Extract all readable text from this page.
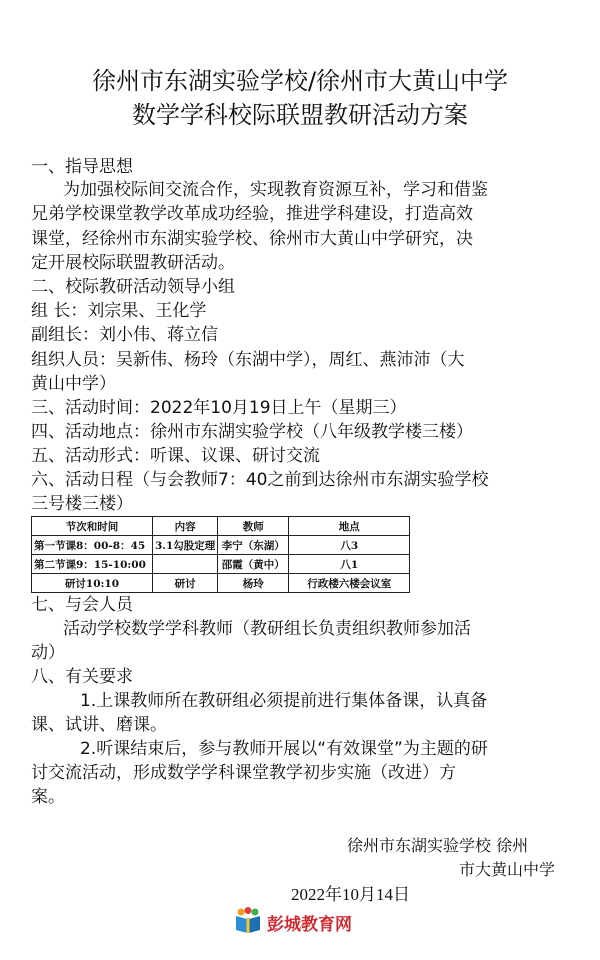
徐州市东湖实验学校/徐州市大黄山中学
数学学科校际联盟教研活动方案
一、指导思想
为加强校际间交流合作，实现教育资源互补，学习和借鉴
兄弟学校课堂教学改革成功经验，推进学科建设，打造高效
课堂，经徐州市东湖实验学校、徐州市大黄山中学研究，决
定开展校际联盟教研活动。
二、校际教研活动领导小组
组 长：刘宗果、王化学
副组长：刘小伟、蒋立信
组织人员：吴新伟、杨玲（东湖中学），周红、燕沛沛（大
黄山中学）
三、活动时间：2022年10月19日上午（星期三）
四、活动地点：徐州市东湖实验学校（八年级教学楼三楼）
五、活动形式：听课、议课、研讨交流
六、活动日程（与会教师7：40之前到达徐州市东湖实验学校
三号楼三楼）
节次和时间	内容	教师	地点
第一节课8：00-8：45	3.1勾股定理	李宁（东湖）	八3
第二节课9：15-10:00		邵霞（黄中）	八1
研讨10:10	研讨	杨玲	行政楼六楼会议室
七、与会人员
活动学校数学学科教师（教研组长负责组织教师参加活
动）
八、有关要求
1.上课教师所在教研组必须提前进行集体备课，认真备
课、试讲、磨课。
2.听课结束后，参与教师开展以“有效课堂”为主题的研
讨交流活动，形成数学学科课堂教学初步实施（改进）方
案。
徐州市东湖实验学校 徐州
市大黄山中学
2022年10月14日
彭城教育网
